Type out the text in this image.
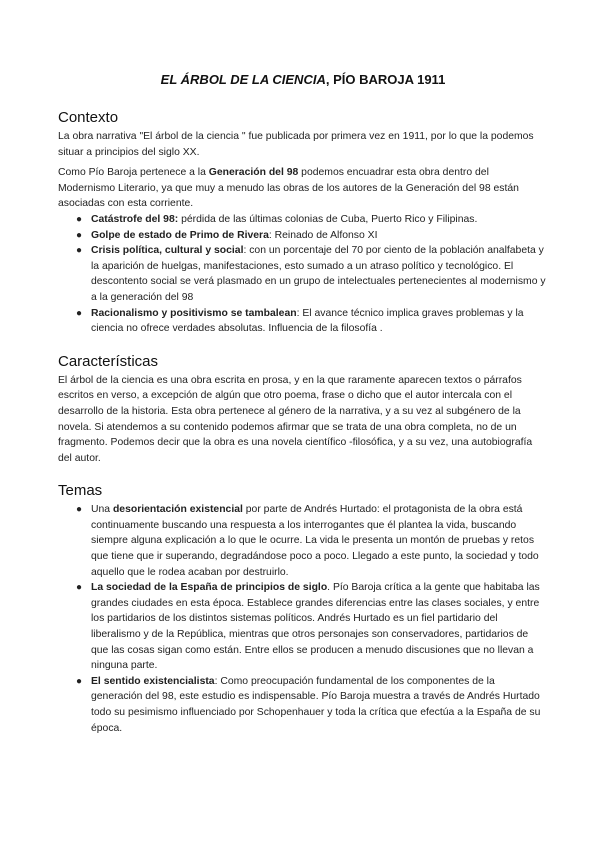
EL ÁRBOL DE LA CIENCIA, PÍO BAROJA 1911
Contexto

La obra narrativa "El árbol de la ciencia " fue publicada por primera vez en 1911, por lo que la podemos situar a principios del siglo XX.

Como Pío Baroja pertenece a la Generación del 98 podemos encuadrar esta obra dentro del Modernismo Literario, ya que muy a menudo las obras de los autores de la Generación del 98 están asociadas con esta corriente.

● Catástrofe del 98: pérdida de las últimas colonias de Cuba, Puerto Rico y Filipinas.
● Golpe de estado de Primo de Rivera: Reinado de Alfonso XI
● Crisis política, cultural y social: con un porcentaje del 70 por ciento de la población analfabeta y la aparición de huelgas, manifestaciones, esto sumado a un atraso político y tecnológico. El descontento social se verá plasmado en un grupo de intelectuales pertenecientes al modernismo y a la generación del 98
● Racionalismo y positivismo se tambalean: El avance técnico implica graves problemas y la ciencia no ofrece verdades absolutas. Influencia de la filosofía .
Características

El árbol de la ciencia es una obra escrita en prosa, y en la que raramente aparecen textos o párrafos escritos en verso, a excepción de algún que otro poema, frase o dicho que el autor intercala con el desarrollo de la historia. Esta obra pertenece al género de la narrativa, y a su vez al subgénero de la novela. Si atendemos a su contenido podemos afirmar que se trata de una obra completa, no de un fragmento. Podemos decir que la obra es una novela científico -filosófica, y a su vez, una autobiografía del autor.

Temas
● Una desorientación existencial por parte de Andrés Hurtado: el protagonista de la obra está continuamente buscando una respuesta a los interrogantes que él plantea la vida, buscando siempre alguna explicación a lo que le ocurre. La vida le presenta un montón de pruebas y retos que tiene que ir superando, degradándose poco a poco. Llegado a este punto, la sociedad y todo aquello que le rodea acaban por destruirlo.
● La sociedad de la España de principios de siglo. Pío Baroja crítica a la gente que habitaba las grandes ciudades en esta época. Establece grandes diferencias entre las clases sociales, y entre los partidarios de los distintos sistemas políticos. Andrés Hurtado es un fiel partidario del liberalismo y de la República, mientras que otros personajes son conservadores, partidarios de que las cosas sigan como están. Entre ellos se producen a menudo discusiones que no llevan a ninguna parte.
● El sentido existencialista: Como preocupación fundamental de los componentes de la generación del 98, este estudio es indispensable. Pío Baroja muestra a través de Andrés Hurtado todo su pesimismo influenciado por Schopenhauer y toda la crítica que efectúa a la España de su época.
